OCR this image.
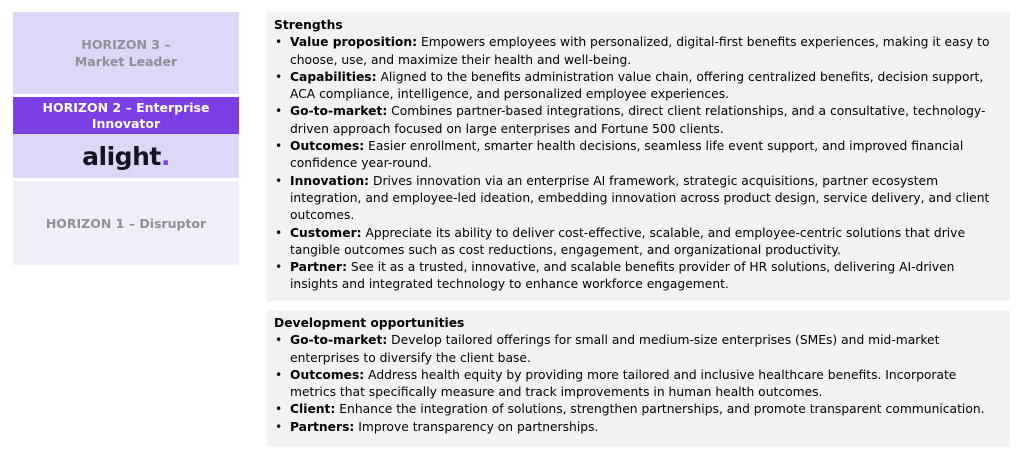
HORIZON 3 –
Market Leader
HORIZON 2 – Enterprise
Innovator
alight.
HORIZON 1 – Disruptor
Strengths
• Value proposition: Empowers employees with personalized, digital-first benefits experiences, making it easy to choose, use, and maximize their health and well-being.
• Capabilities: Aligned to the benefits administration value chain, offering centralized benefits, decision support, ACA compliance, intelligence, and personalized employee experiences.
• Go-to-market: Combines partner-based integrations, direct client relationships, and a consultative, technology-driven approach focused on large enterprises and Fortune 500 clients.
• Outcomes: Easier enrollment, smarter health decisions, seamless life event support, and improved financial confidence year-round.
• Innovation: Drives innovation via an enterprise AI framework, strategic acquisitions, partner ecosystem integration, and employee-led ideation, embedding innovation across product design, service delivery, and client outcomes.
• Customer: Appreciate its ability to deliver cost-effective, scalable, and employee-centric solutions that drive tangible outcomes such as cost reductions, engagement, and organizational productivity.
• Partner: See it as a trusted, innovative, and scalable benefits provider of HR solutions, delivering AI-driven insights and integrated technology to enhance workforce engagement.
Development opportunities
• Go-to-market: Develop tailored offerings for small and medium-size enterprises (SMEs) and mid-market enterprises to diversify the client base.
• Outcomes: Address health equity by providing more tailored and inclusive healthcare benefits. Incorporate metrics that specifically measure and track improvements in human health outcomes.
• Client: Enhance the integration of solutions, strengthen partnerships, and promote transparent communication.
• Partners: Improve transparency on partnerships.
